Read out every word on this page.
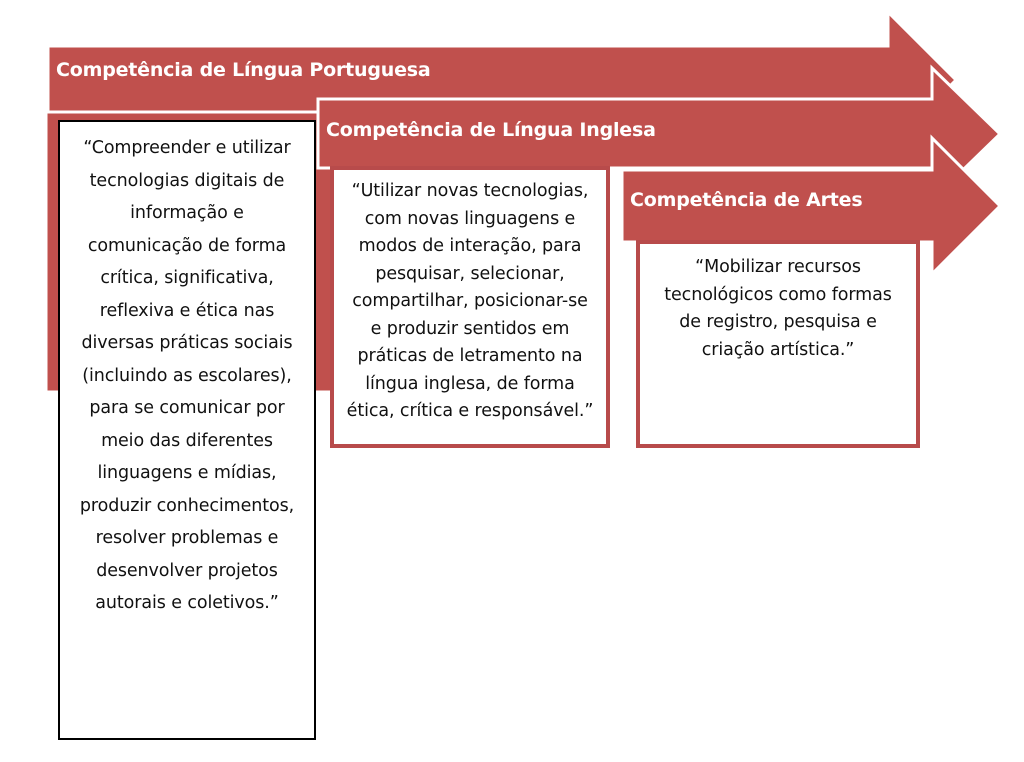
Competência de Língua Portuguesa
Competência de Língua Inglesa
Competência de Artes
“Compreender e utilizar tecnologias digitais de informação e comunicação de forma crítica, significativa, reflexiva e ética nas diversas práticas sociais (incluindo as escolares), para se comunicar por meio das diferentes linguagens e mídias, produzir conhecimentos, resolver problemas e desenvolver projetos autorais e coletivos.”
“Utilizar novas tecnologias, com novas linguagens e modos de interação, para pesquisar, selecionar, compartilhar, posicionar-se e produzir sentidos em práticas de letramento na língua inglesa, de forma ética, crítica e responsável.”
“Mobilizar recursos tecnológicos como formas de registro, pesquisa e criação artística.”
